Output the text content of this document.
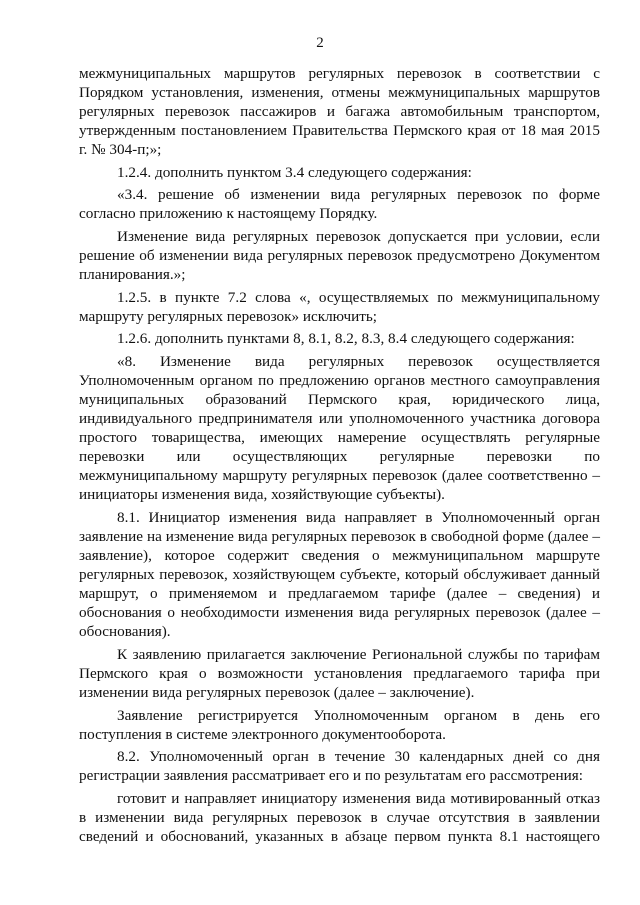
2

межмуниципальных маршрутов регулярных перевозок в соответствии с Порядком установления, изменения, отмены межмуниципальных маршрутов регулярных перевозок пассажиров и багажа автомобильным транспортом, утвержденным постановлением Правительства Пермского края от 18 мая 2015 г. № 304-п;»;

1.2.4. дополнить пунктом 3.4 следующего содержания:

«3.4. решение об изменении вида регулярных перевозок по форме согласно приложению к настоящему Порядку.

Изменение вида регулярных перевозок допускается при условии, если решение об изменении вида регулярных перевозок предусмотрено Документом планирования.»;

1.2.5. в пункте 7.2 слова «, осуществляемых по межмуниципальному маршруту регулярных перевозок» исключить;

1.2.6. дополнить пунктами 8, 8.1, 8.2, 8.3, 8.4 следующего содержания:

«8. Изменение вида регулярных перевозок осуществляется Уполномоченным органом по предложению органов местного самоуправления муниципальных образований Пермского края, юридического лица, индивидуального предпринимателя или уполномоченного участника договора простого товарищества, имеющих намерение осуществлять регулярные перевозки или осуществляющих регулярные перевозки по межмуниципальному маршруту регулярных перевозок (далее соответственно – инициаторы изменения вида, хозяйствующие субъекты).

8.1. Инициатор изменения вида направляет в Уполномоченный орган заявление на изменение вида регулярных перевозок в свободной форме (далее – заявление), которое содержит сведения о межмуниципальном маршруте регулярных перевозок, хозяйствующем субъекте, который обслуживает данный маршрут, о применяемом и предлагаемом тарифе (далее – сведения) и обоснования о необходимости изменения вида регулярных перевозок (далее – обоснования).

К заявлению прилагается заключение Региональной службы по тарифам Пермского края о возможности установления предлагаемого тарифа при изменении вида регулярных перевозок (далее – заключение).

Заявление регистрируется Уполномоченным органом в день его поступления в системе электронного документооборота.

8.2. Уполномоченный орган в течение 30 календарных дней со дня регистрации заявления рассматривает его и по результатам его рассмотрения:

готовит и направляет инициатору изменения вида мотивированный отказ в изменении вида регулярных перевозок в случае отсутствия в заявлении сведений и обоснований, указанных в абзаце первом пункта 8.1 настоящего
